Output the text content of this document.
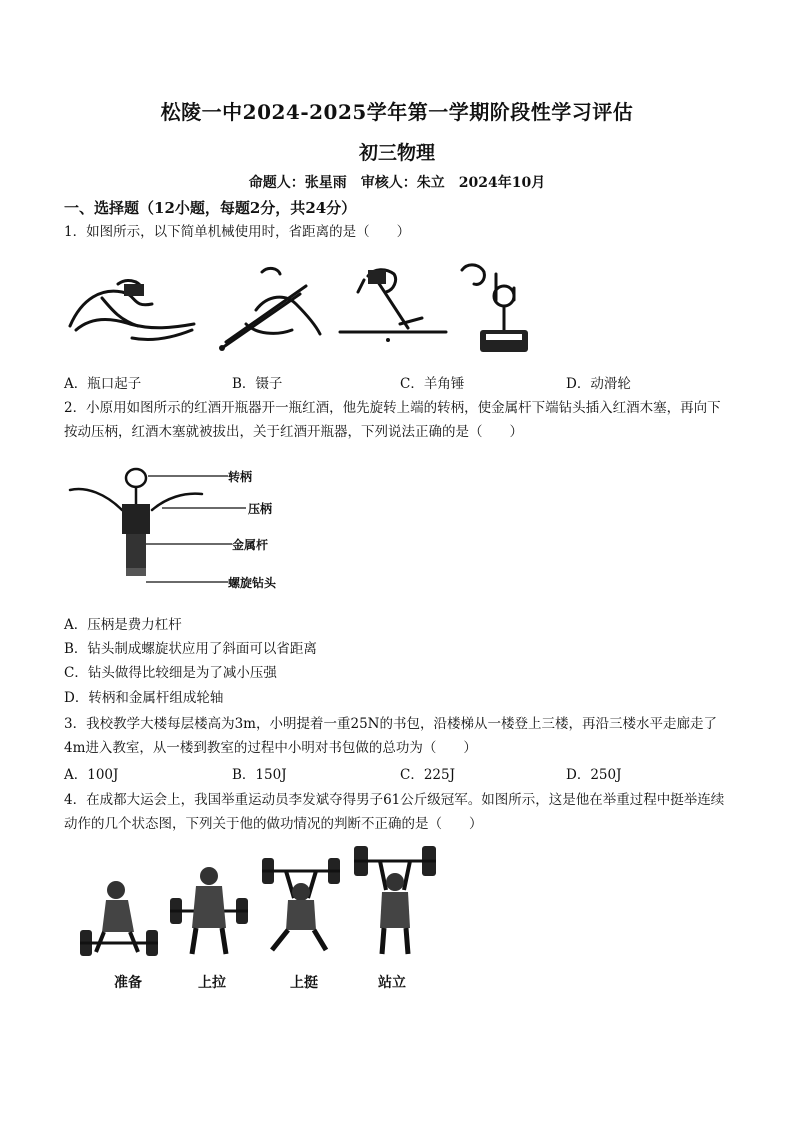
松陵一中2024-2025学年第一学期阶段性学习评估
初三物理
命题人：张星雨　审核人：朱立　2024年10月
一、选择题（12小题，每题2分，共24分）
1．如图所示，以下简单机械使用时，省距离的是（　　）
A．瓶口起子	B．镊子	C．羊角锤	D．动滑轮
2．小原用如图所示的红酒开瓶器开一瓶红酒，他先旋转上端的转柄，使金属杆下端钻头插入红酒木塞，再向下按动压柄，红酒木塞就被拔出，关于红酒开瓶器，下列说法正确的是（　　）
转柄
压柄
金属杆
螺旋钻头
A．压柄是费力杠杆
B．钻头制成螺旋状应用了斜面可以省距离
C．钻头做得比较细是为了减小压强
D．转柄和金属杆组成轮轴
3．我校教学大楼每层楼高为3m，小明提着一重25N的书包，沿楼梯从一楼登上三楼，再沿三楼水平走廊走了4m进入教室，从一楼到教室的过程中小明对书包做的总功为（　　）
A．100J	B．150J	C．225J	D．250J
4．在成都大运会上，我国举重运动员李发斌夺得男子61公斤级冠军。如图所示，这是他在举重过程中挺举连续动作的几个状态图，下列关于他的做功情况的判断不正确的是（　　）
准备	上拉	上挺	站立
